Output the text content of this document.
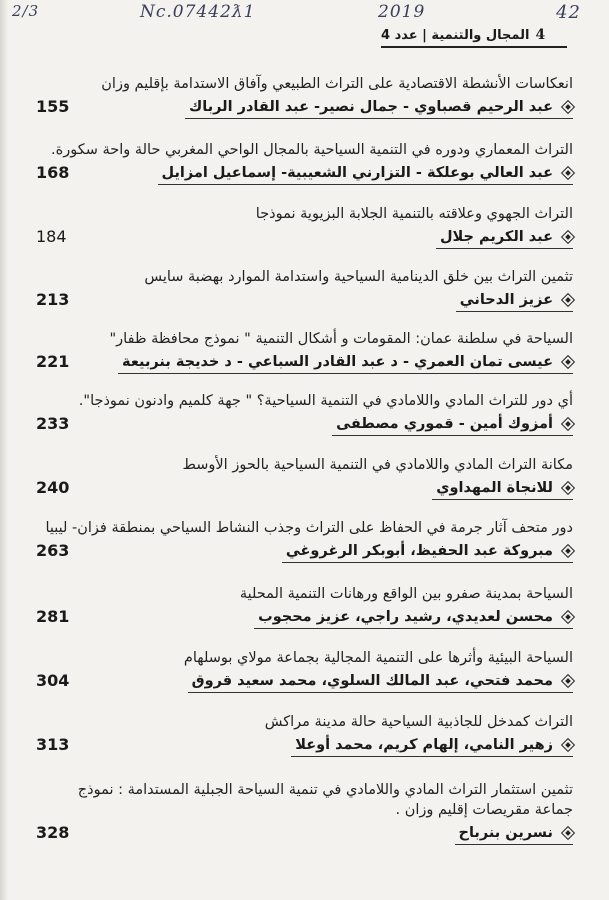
2/3	Nc.07442ƛ1	2019	42
4
المجال والتنمية | عدد 4
انعكاسات الأنشطة الاقتصادية على التراث الطبيعي وآفاق الاستدامة بإقليم وزان
عبد الرحيم قصباوي - جمال نصير- عبد القادر الرباك
155
التراث المعماري ودوره في التنمية السياحية بالمجال الواحي المغربي حالة واحة سكورة.
عبد العالي بوعلكة - التزارني الشعيبية- إسماعيل امزايل
168
التراث الجهوي وعلاقته بالتنمية الجلابة البزيوية نموذجا
عبد الكريم جلال
184
تثمين التراث بين خلق الدينامية السياحية واستدامة الموارد بهضبة سايس
عزيز الدحاني
213
السياحة في سلطنة عمان: المقومات و أشكال التنمية " نموذج محافظة ظفار"
عيسى تمان العمري - د عبد القادر السباعي - د خديجة بنربيعة
221
أي دور للتراث المادي واللامادي في التنمية السياحية؟ " جهة كلميم وادنون نموذجا".
أمزوك أمين - قموري مصطفى
233
مكانة التراث المادي واللامادي في التنمية السياحية بالحوز الأوسط
للانجاة المهداوي
240
دور متحف آثار جرمة في الحفاظ على التراث وجذب النشاط السياحي بمنطقة فزان- ليبيا
مبروكة عبد الحفيظ، أبوبكر الرغروغي
263
السياحة بمدينة صفرو بين الواقع ورهانات التنمية المحلية
محسن لعديدي، رشيد راجي، عزيز محجوب
281
السياحة البيئية وأثرها على التنمية المجالية بجماعة مولاي بوسلهام
محمد فتحي، عبد المالك السلوي، محمد سعيد قروق
304
التراث كمدخل للجاذبية السياحية حالة مدينة مراكش
زهير النامي، إلهام كريم، محمد أوعلا
313
تثمين استثمار التراث المادي واللامادي في تنمية السياحة الجبلية المستدامة : نموذج جماعة مقريصات إقليم وزان .
نسرين بنرباح
328
